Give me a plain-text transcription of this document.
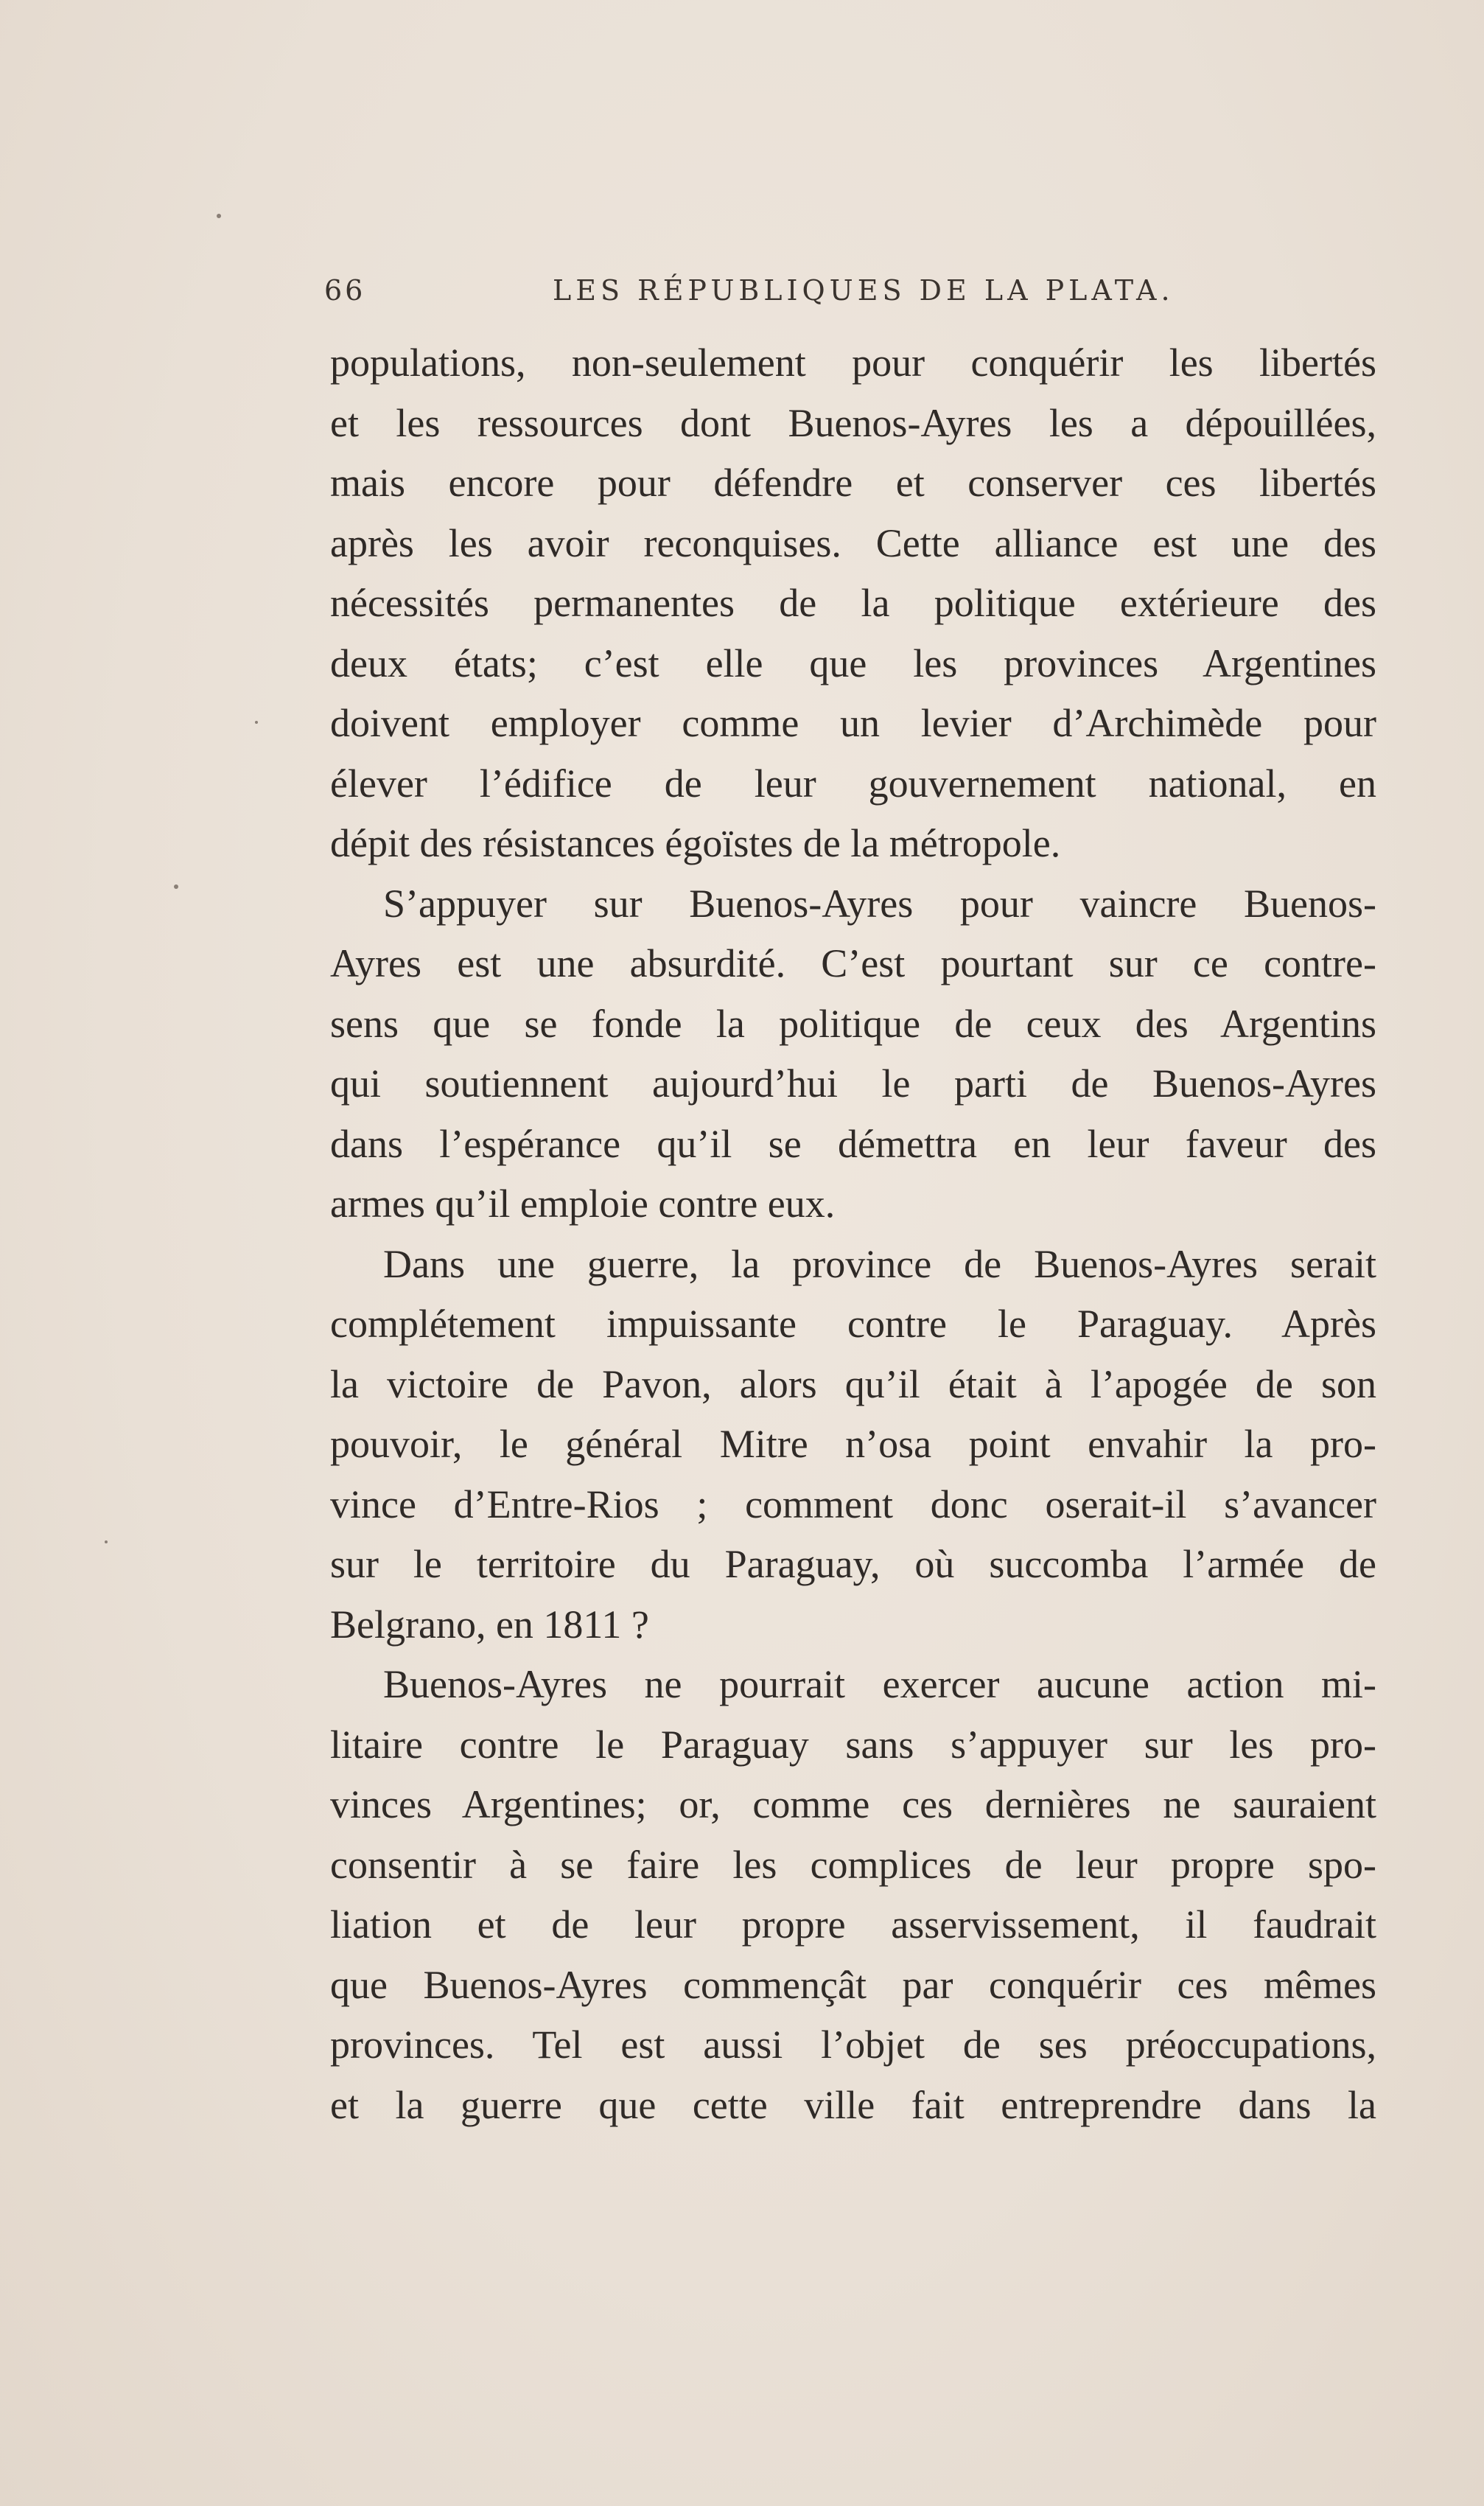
66	LES RÉPUBLIQUES DE LA PLATA.
populations, non-seulement pour conquérir les libertés
et les ressources dont Buenos-Ayres les a dépouillées,
mais encore pour défendre et conserver ces libertés
après les avoir reconquises. Cette alliance est une des
nécessités permanentes de la politique extérieure des
deux états; c’est elle que les provinces Argentines
doivent employer comme un levier d’Archimède pour
élever l’édifice de leur gouvernement national, en
dépit des résistances égoïstes de la métropole.
S’appuyer sur Buenos-Ayres pour vaincre Buenos-
Ayres est une absurdité. C’est pourtant sur ce contre-
sens que se fonde la politique de ceux des Argentins
qui soutiennent aujourd’hui le parti de Buenos-Ayres
dans l’espérance qu’il se démettra en leur faveur des
armes qu’il emploie contre eux.
Dans une guerre, la province de Buenos-Ayres serait
complétement impuissante contre le Paraguay. Après
la victoire de Pavon, alors qu’il était à l’apogée de son
pouvoir, le général Mitre n’osa point envahir la pro-
vince d’Entre-Rios ; comment donc oserait-il s’avancer
sur le territoire du Paraguay, où succomba l’armée de
Belgrano, en 1811 ?
Buenos-Ayres ne pourrait exercer aucune action mi-
litaire contre le Paraguay sans s’appuyer sur les pro-
vinces Argentines; or, comme ces dernières ne sauraient
consentir à se faire les complices de leur propre spo-
liation et de leur propre asservissement, il faudrait
que Buenos-Ayres commençât par conquérir ces mêmes
provinces. Tel est aussi l’objet de ses préoccupations,
et la guerre que cette ville fait entreprendre dans la
